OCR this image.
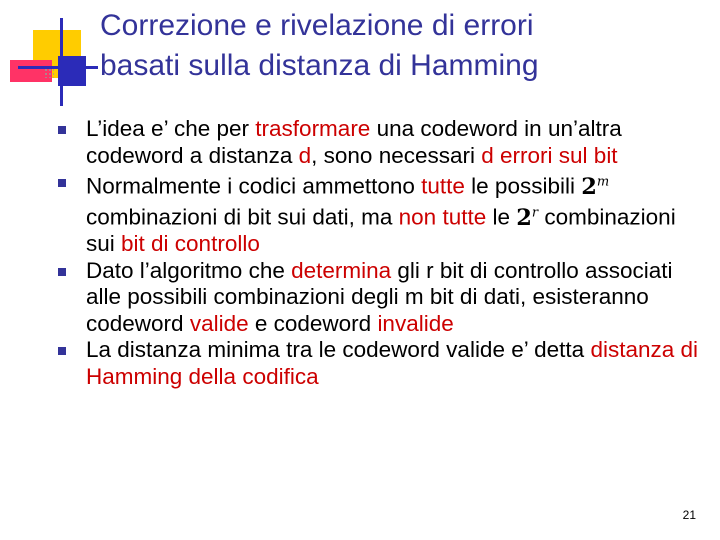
Correzione e rivelazione di errori
basati sulla distanza di Hamming
L’idea e’ che per trasformare una codeword in un’altra codeword a distanza d, sono necessari d errori sul bit
Normalmente i codici ammettono tutte le possibili 2$^m$ combinazioni di bit sui dati, ma non tutte le 2$^r$ combinazioni sui bit di controllo
Dato l’algoritmo che determina gli r bit di controllo associati alle possibili combinazioni degli m bit di dati, esisteranno codeword valide e codeword invalide
La distanza minima tra le codeword valide e’ detta distanza di Hamming della codifica
21
